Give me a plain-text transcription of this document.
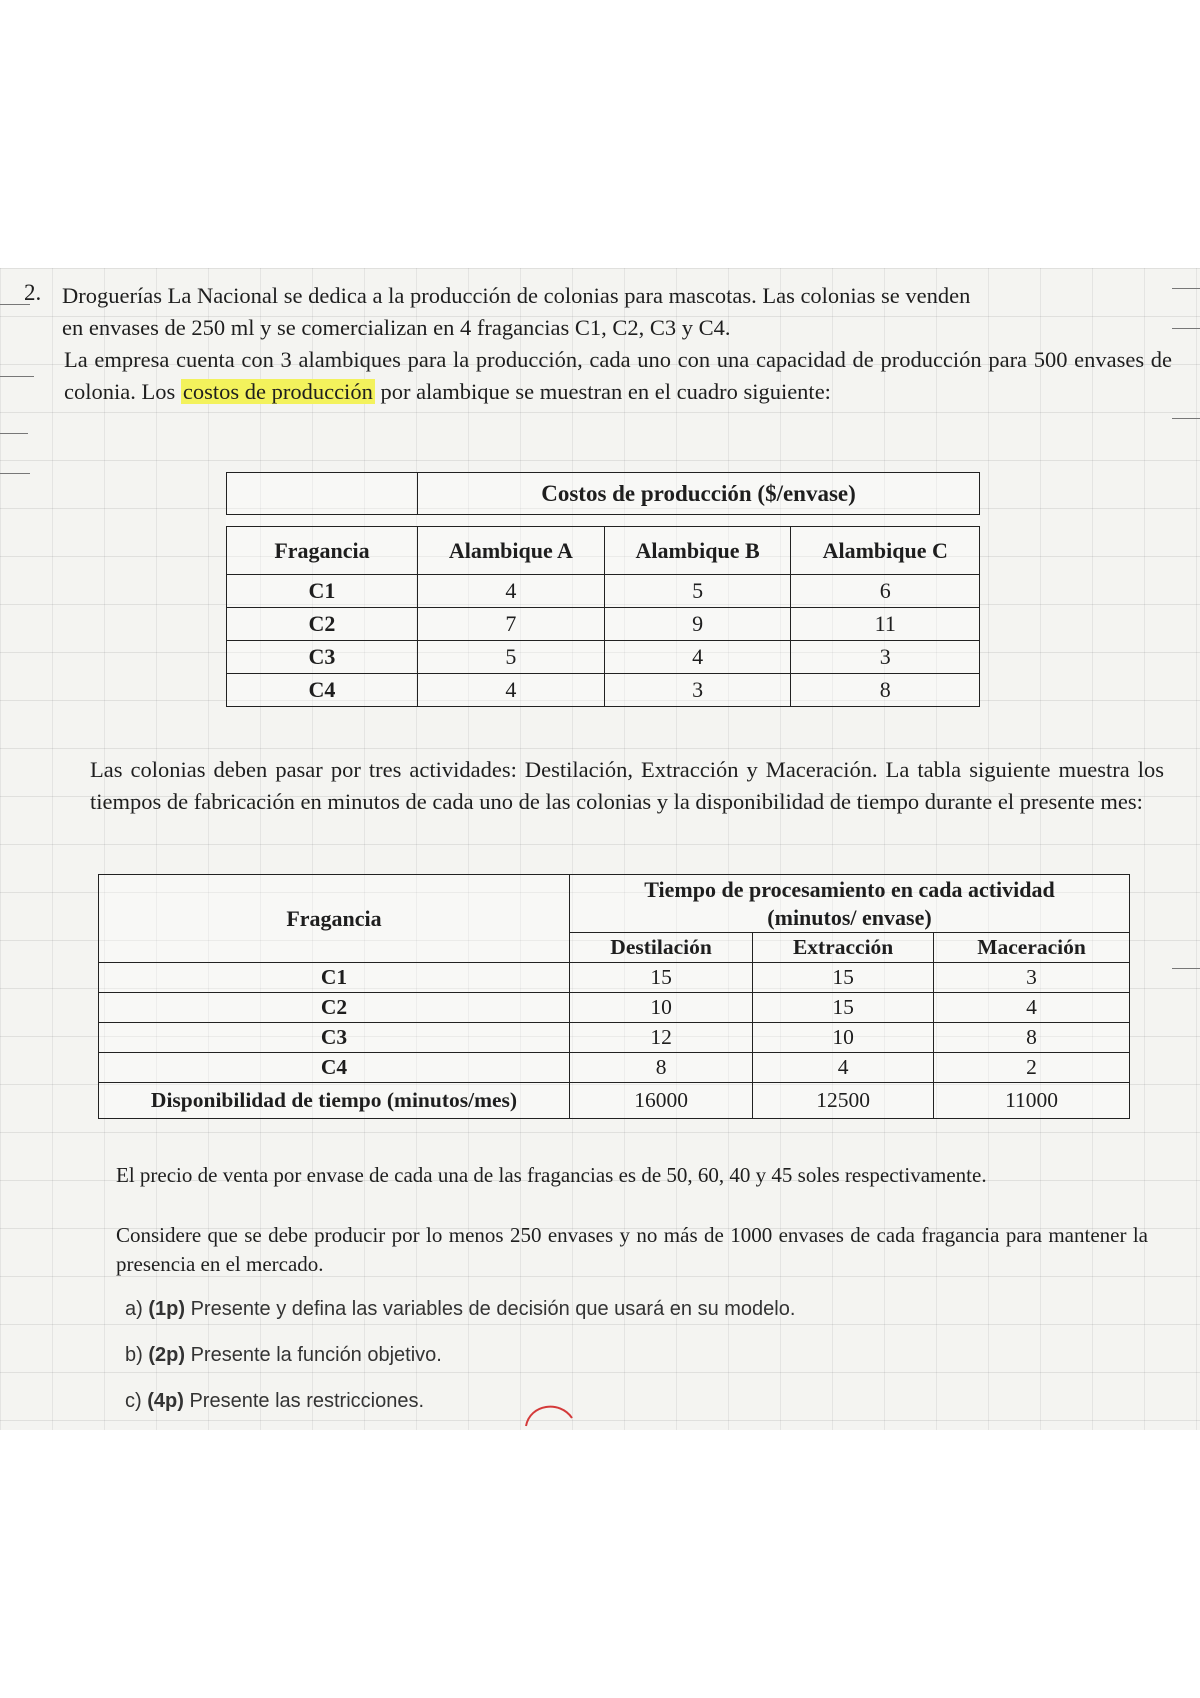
2. Droguerías La Nacional se dedica a la producción de colonias para mascotas. Las colonias se venden
en envases de 250 ml y se comercializan en 4 fragancias C1, C2, C3 y C4.
La empresa cuenta con 3 alambiques para la producción, cada uno con una capacidad de producción para 500 envases de colonia. Los costos de producción por alambique se muestran en el cuadro siguiente:
	Costos de producción ($/envase)		

Fragancia	Alambique A	Alambique B	Alambique C
C1	4	5	6
C2	7	9	11
C3	5	4	3
C4	4	3	8
Las colonias deben pasar por tres actividades: Destilación, Extracción y Maceración. La tabla siguiente muestra los tiempos de fabricación en minutos de cada uno de las colonias y la disponibilidad de tiempo durante el presente mes:
Fragancia	Tiempo de procesamiento en cada actividad
(minutos/ envase)		

	Destilación	Extracción	Maceración
C1	15	15	3
C2	10	15	4
C3	12	10	8
C4	8	4	2
Disponibilidad de tiempo (minutos/mes)	16000	12500	11000
El precio de venta por envase de cada una de las fragancias es de 50, 60, 40 y 45 soles respectivamente.
Considere que se debe producir por lo menos 250 envases y no más de 1000 envases de cada fragancia para mantener la presencia en el mercado.
a) (1p) Presente y defina las variables de decisión que usará en su modelo.
b) (2p) Presente la función objetivo.
c) (4p) Presente las restricciones.
